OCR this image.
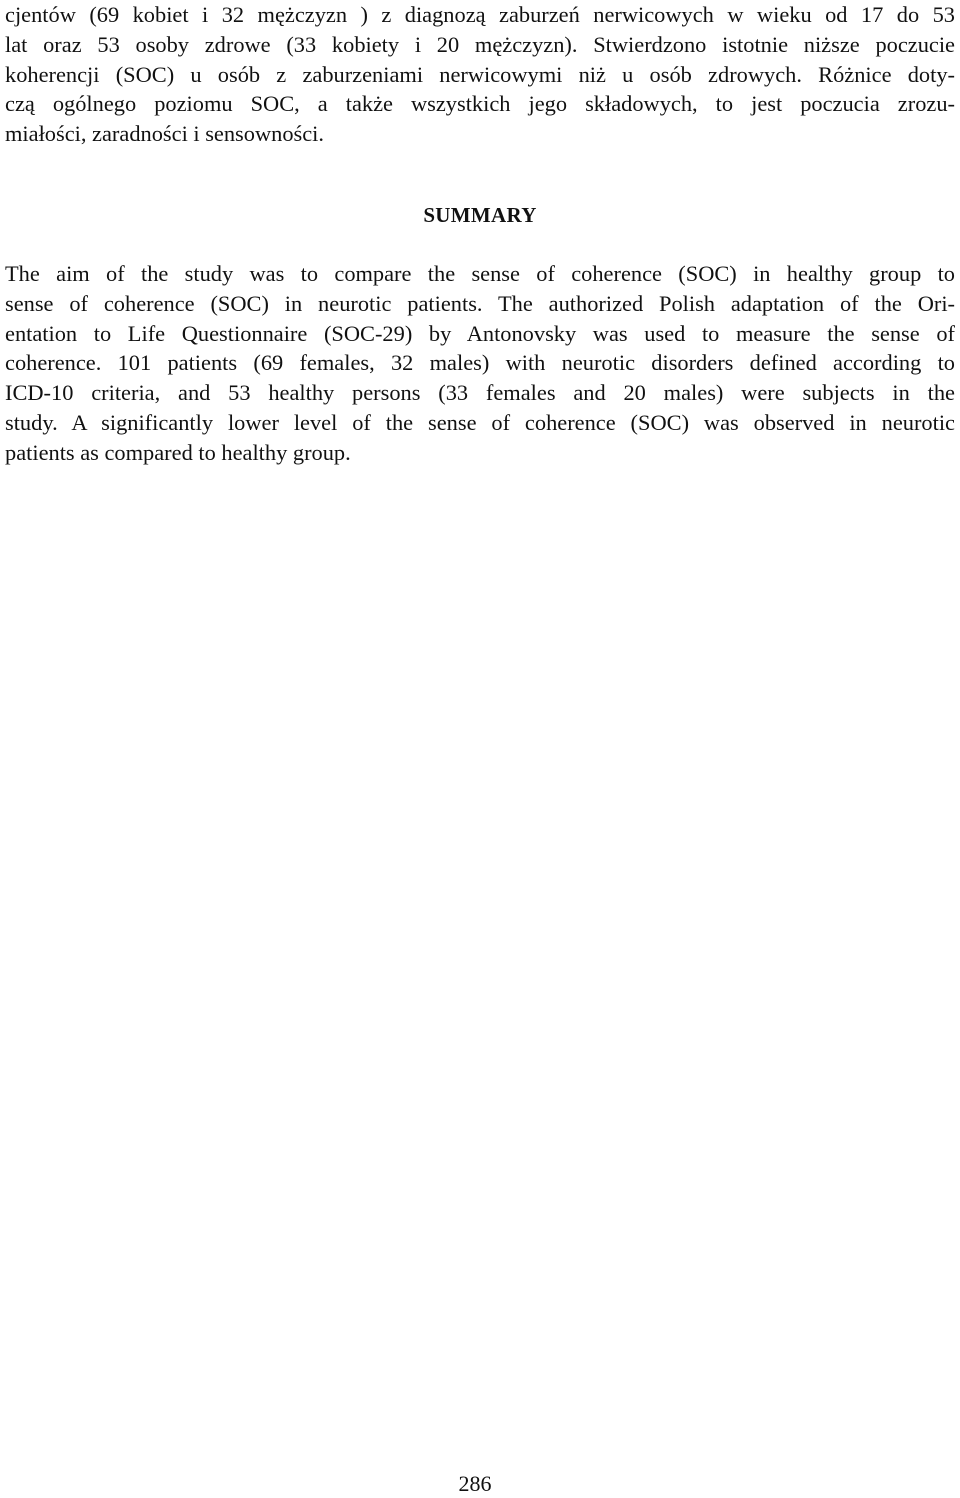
cjentów (69 kobiet i 32 mężczyzn ) z diagnozą zaburzeń nerwicowych w wieku od 17 do 53
lat oraz 53 osoby zdrowe (33 kobiety i 20 mężczyzn). Stwierdzono istotnie niższe poczucie
koherencji (SOC) u osób z zaburzeniami nerwicowymi niż u osób zdrowych. Różnice doty-
czą ogólnego poziomu SOC, a także wszystkich jego składowych, to jest poczucia zrozu-
miałości, zaradności i sensowności.

SUMMARY

The aim of the study was to compare the sense of coherence (SOC) in healthy group to
sense of coherence (SOC) in neurotic patients. The authorized Polish adaptation of the Ori-
entation to Life Questionnaire (SOC-29) by Antonovsky was used to measure the sense of
coherence. 101 patients (69 females, 32 males) with neurotic disorders defined according to
ICD-10 criteria, and 53 healthy persons (33 females and 20 males) were subjects in the
study. A significantly lower level of the sense of coherence (SOC) was observed in neurotic
patients as compared to healthy group.

286
